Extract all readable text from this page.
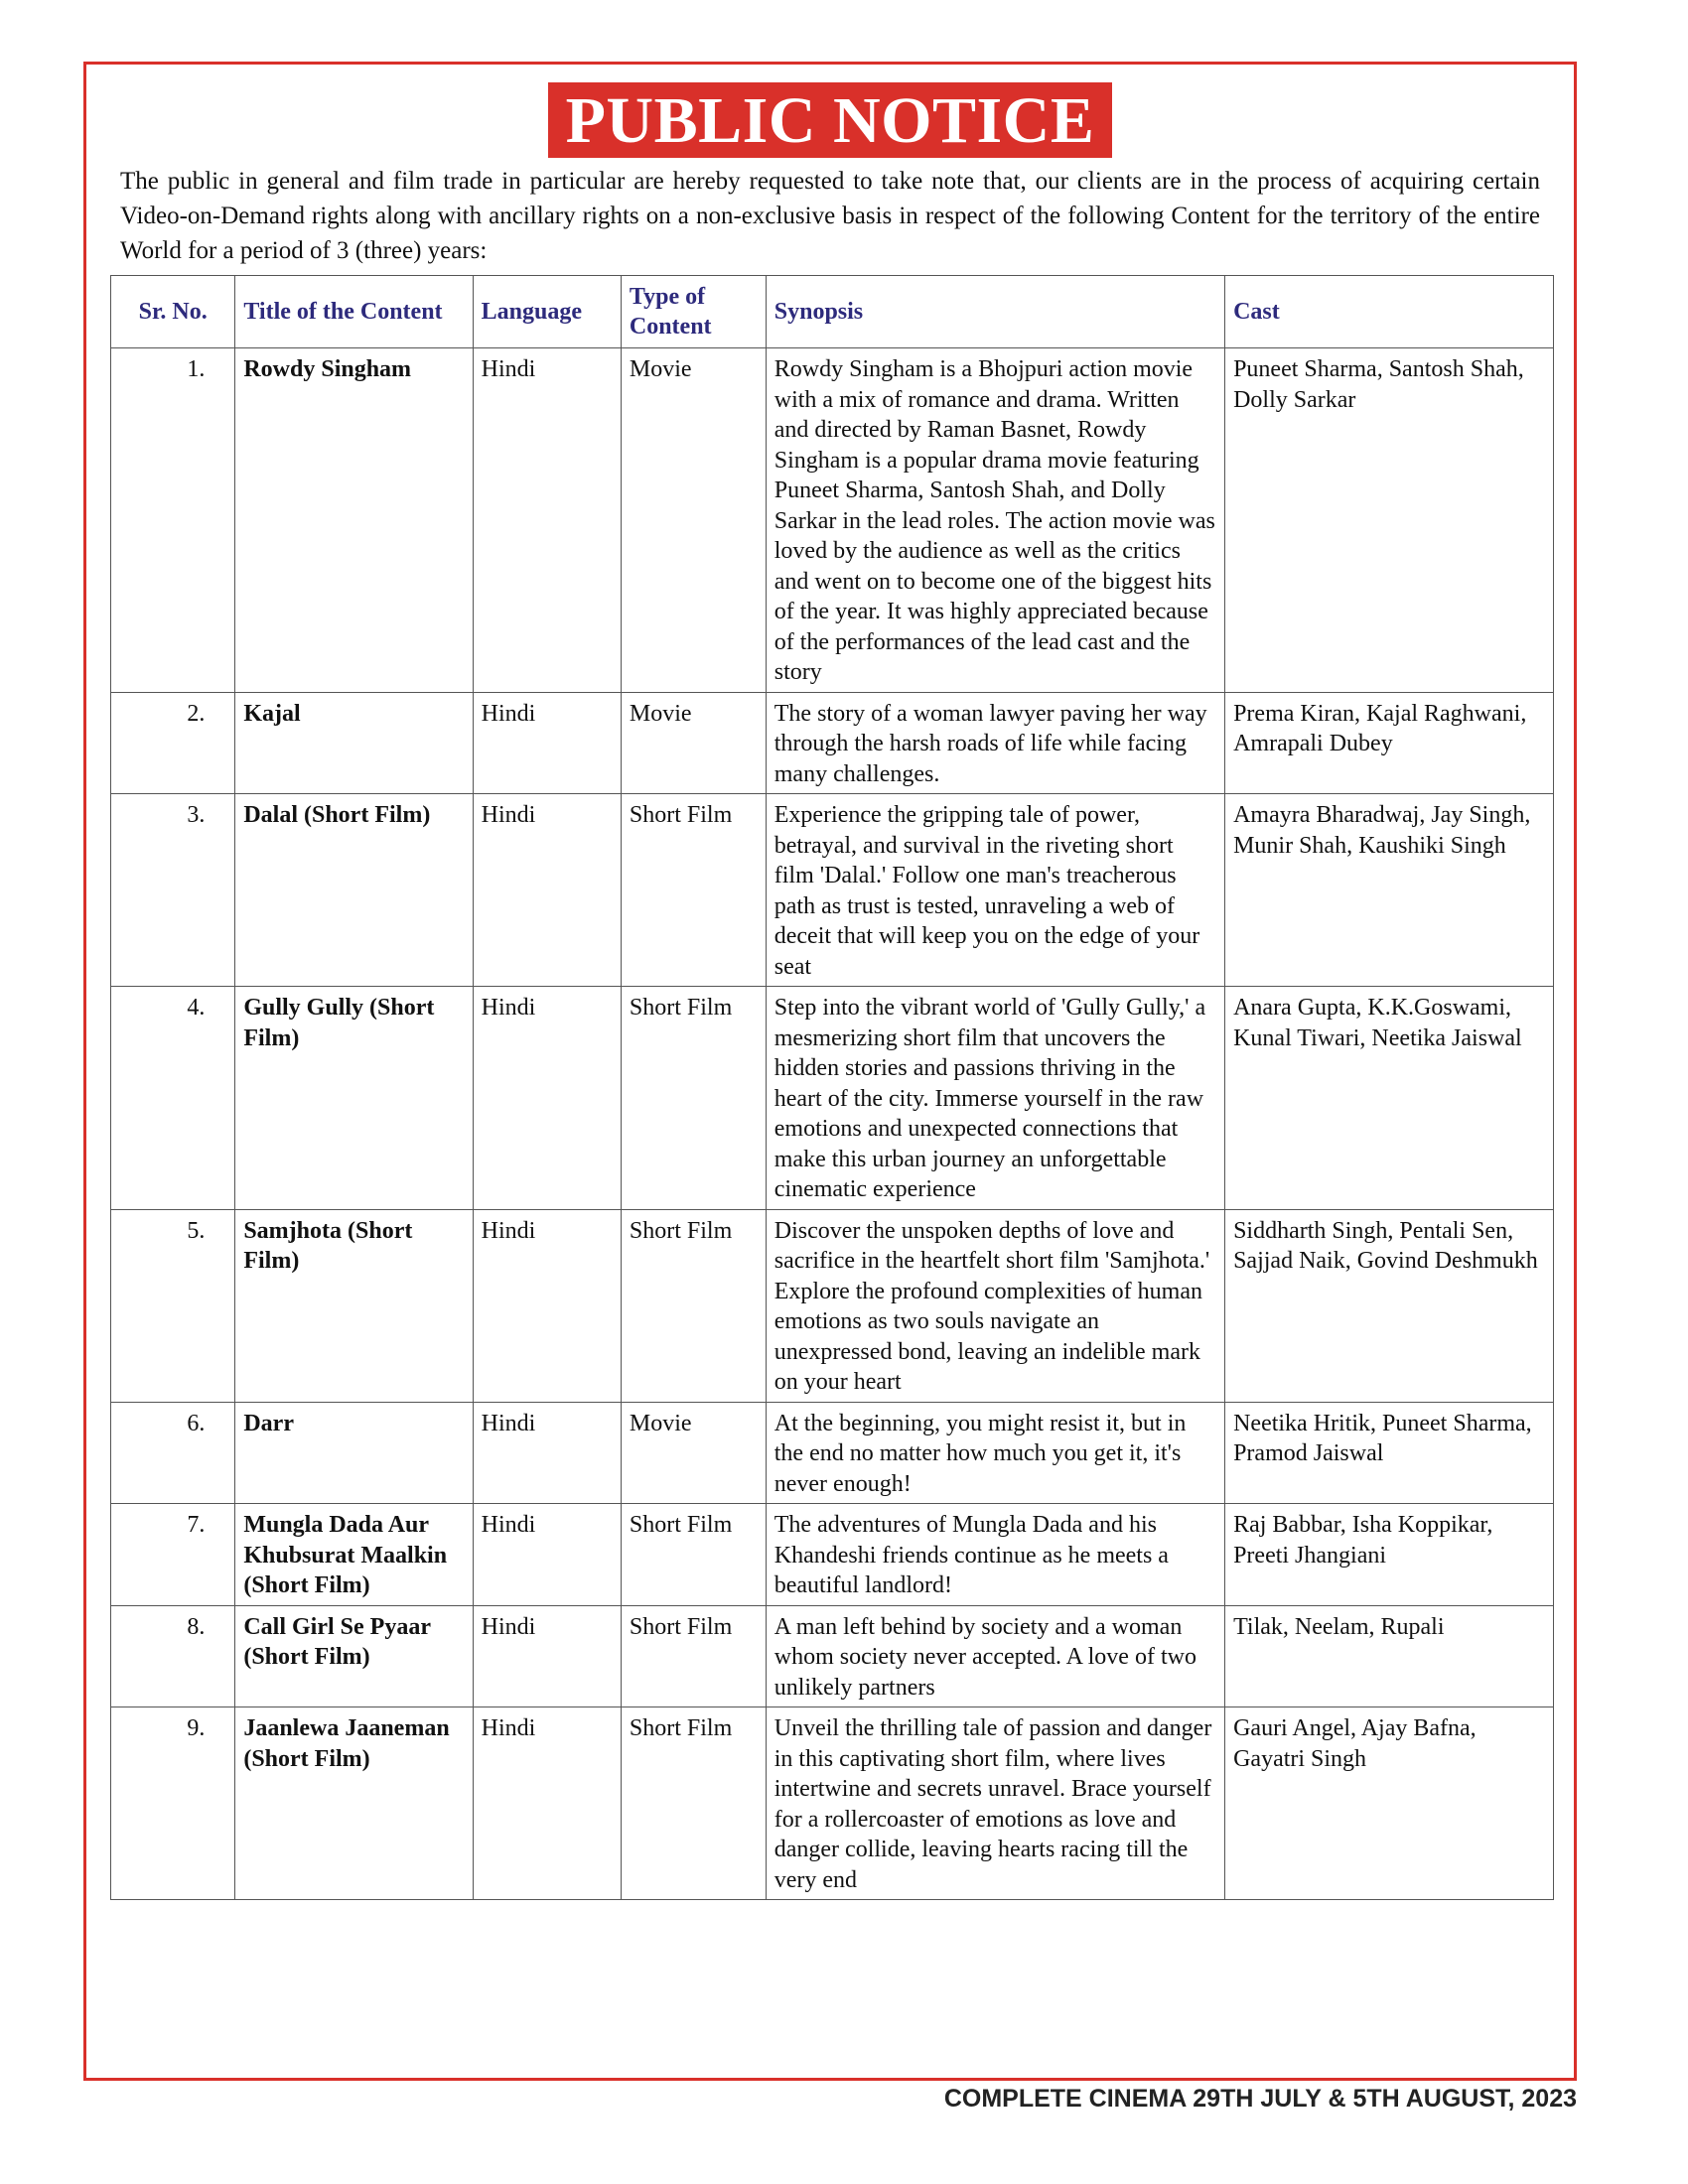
PUBLIC NOTICE
The public in general and film trade in particular are hereby requested to take note that, our clients are in the process of acquiring certain Video-on-Demand rights along with ancillary rights on a non-exclusive basis in respect of the following Content for the territory of the entire World for a period of 3 (three) years:
Sr. No.	Title of the Content	Language	Type of Content	Synopsis	Cast
1.	Rowdy Singham	Hindi	Movie	Rowdy Singham is a Bhojpuri action movie with a mix of romance and drama. Written and directed by Raman Basnet, Rowdy Singham is a popular drama movie featuring Puneet Sharma, Santosh Shah, and Dolly Sarkar in the lead roles. The action movie was loved by the audience as well as the critics and went on to become one of the biggest hits of the year. It was highly appreciated because of the performances of the lead cast and the story	Puneet Sharma, Santosh Shah, Dolly Sarkar
2.	Kajal	Hindi	Movie	The story of a woman lawyer paving her way through the harsh roads of life while facing many challenges.	Prema Kiran, Kajal Raghwani, Amrapali Dubey
3.	Dalal (Short Film)	Hindi	Short Film	Experience the gripping tale of power, betrayal, and survival in the riveting short film 'Dalal.' Follow one man's treacherous path as trust is tested, unraveling a web of deceit that will keep you on the edge of your seat	Amayra Bharadwaj, Jay Singh, Munir Shah, Kaushiki Singh
4.	Gully Gully (Short Film)	Hindi	Short Film	Step into the vibrant world of 'Gully Gully,' a mesmerizing short film that uncovers the hidden stories and passions thriving in the heart of the city. Immerse yourself in the raw emotions and unexpected connections that make this urban journey an unforgettable cinematic experience	Anara Gupta, K.K.Goswami, Kunal Tiwari, Neetika Jaiswal
5.	Samjhota (Short Film)	Hindi	Short Film	Discover the unspoken depths of love and sacrifice in the heartfelt short film 'Samjhota.' Explore the profound complexities of human emotions as two souls navigate an unexpressed bond, leaving an indelible mark on your heart	Siddharth Singh, Pentali Sen, Sajjad Naik, Govind Deshmukh
6.	Darr	Hindi	Movie	At the beginning, you might resist it, but in the end no matter how much you get it, it's never enough!	Neetika Hritik, Puneet Sharma, Pramod Jaiswal
7.	Mungla Dada Aur Khubsurat Maalkin (Short Film)	Hindi	Short Film	The adventures of Mungla Dada and his Khandeshi friends continue as he meets a beautiful landlord!	Raj Babbar, Isha Koppikar, Preeti Jhangiani
8.	Call Girl Se Pyaar (Short Film)	Hindi	Short Film	A man left behind by society and a woman whom society never accepted. A love of two unlikely partners	Tilak, Neelam, Rupali
9.	Jaanlewa Jaaneman (Short Film)	Hindi	Short Film	Unveil the thrilling tale of passion and danger in this captivating short film, where lives intertwine and secrets unravel. Brace yourself for a rollercoaster of emotions as love and danger collide, leaving hearts racing till the very end	Gauri Angel, Ajay Bafna, Gayatri Singh
COMPLETE CINEMA 29TH JULY & 5TH AUGUST, 2023
